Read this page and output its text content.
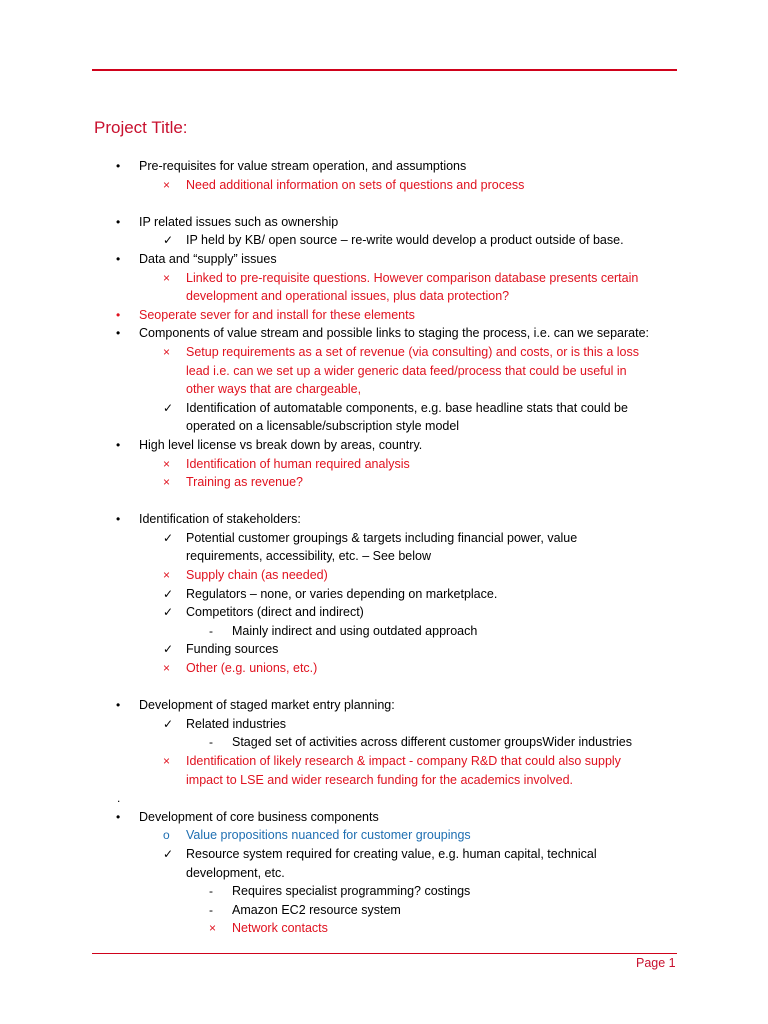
Project Title:
• Pre-requisites for value stream operation, and assumptions
× Need additional information on sets of questions and process
• IP related issues such as ownership
✓ IP held by KB/ open source – re-write would develop a product outside of base.
• Data and “supply” issues
× Linked to pre-requisite questions. However comparison database presents certain
development and operational issues, plus data protection?
• Seoperate sever for and install for these elements
• Components of value stream and possible links to staging the process, i.e. can we separate:
× Setup requirements as a set of revenue (via consulting) and costs, or is this a loss
lead i.e. can we set up a wider generic data feed/process that could be useful in
other ways that are chargeable,
✓ Identification of automatable components, e.g. base headline stats that could be
operated on a licensable/subscription style model
• High level license vs break down by areas, country.
× Identification of human required analysis
× Training as revenue?
• Identification of stakeholders:
✓ Potential customer groupings & targets including financial power, value
requirements, accessibility, etc. – See below
× Supply chain (as needed)
✓ Regulators – none, or varies depending on marketplace.
✓ Competitors (direct and indirect)
- Mainly indirect and using outdated approach
✓ Funding sources
× Other (e.g. unions, etc.)
• Development of staged market entry planning:
✓ Related industries
- Staged set of activities across different customer groupsWider industries
× Identification of likely research & impact - company R&D that could also supply
impact to LSE and wider research funding for the academics involved.
.
• Development of core business components
o Value propositions nuanced for customer groupings
✓ Resource system required for creating value, e.g. human capital, technical
development, etc.
- Requires specialist programming? costings
- Amazon EC2 resource system
× Network contacts
Page 1
